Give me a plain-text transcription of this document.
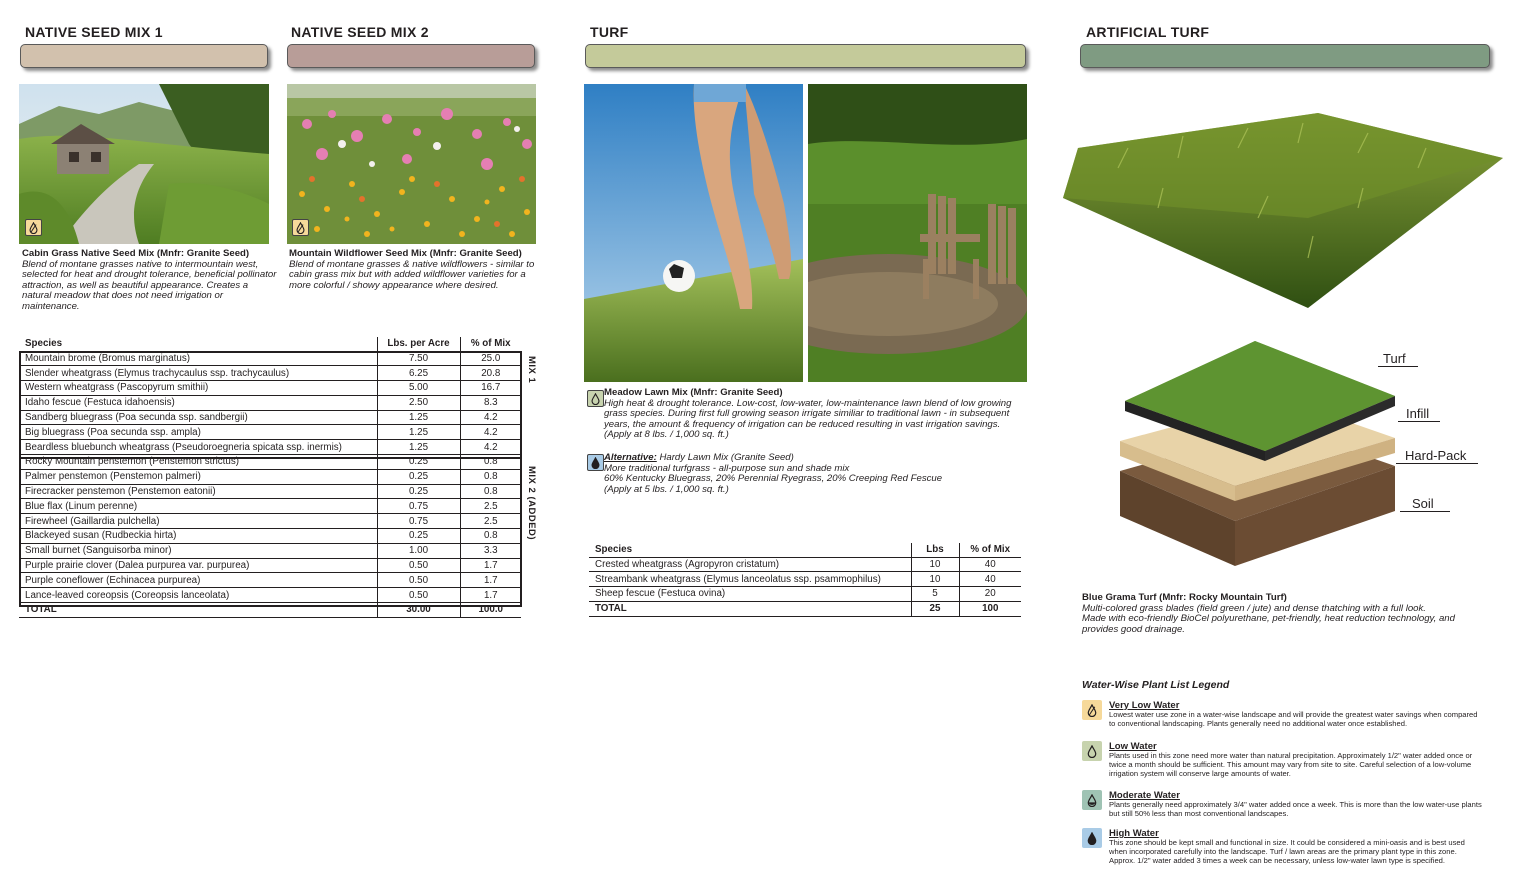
NATIVE SEED MIX 1	NATIVE SEED MIX 2	TURF	ARTIFICIAL TURF
Turf
Infill
Hard-Pack
Soil
Cabin Grass Native Seed Mix (Mnfr: Granite Seed)
Blend of montane grasses native to intermountain west, selected for heat and drought tolerance, beneficial pollinator attraction, as well as beautiful appearance. Creates a natural meadow that does not need irrigation or maintenance.
Mountain Wildflower Seed Mix (Mnfr: Granite Seed)
Blend of montane grasses & native wildflowers - similar to cabin grass mix but with added wildflower varieties for a more colorful / showy appearance where desired.
Meadow Lawn Mix (Mnfr: Granite Seed)
High heat & drought tolerance. Low-cost, low-water, low-maintenance lawn blend of low growing grass species. During first full growing season irrigate similiar to traditional lawn - in subsequent years, the amount & frequency of irrigation can be reduced resulting in vast irrigation savings.
(Apply at 8 lbs. / 1,000 sq. ft.)
Alternative: Hardy Lawn Mix (Granite Seed)
More traditional turfgrass - all-purpose sun and shade mix
60% Kentucky Bluegrass, 20% Perennial Ryegrass, 20% Creeping Red Fescue
(Apply at 5 lbs. / 1,000 sq. ft.)
Blue Grama Turf (Mnfr: Rocky Mountain Turf)
Multi-colored grass blades (field green / jute) and dense thatching with a full look.
Made with eco-friendly BioCel polyurethane, pet-friendly, heat reduction technology, and provides good drainage.
Species	Lbs. per Acre	% of Mix
Mountain brome (Bromus marginatus)	7.50	25.0
Slender wheatgrass (Elymus trachycaulus ssp. trachycaulus)	6.25	20.8
Western wheatgrass (Pascopyrum smithii)	5.00	16.7
Idaho fescue (Festuca idahoensis)	2.50	8.3
Sandberg bluegrass (Poa secunda ssp. sandbergii)	1.25	4.2
Big bluegrass (Poa secunda ssp. ampla)	1.25	4.2
Beardless bluebunch wheatgrass (Pseudoroegneria spicata ssp. inermis)	1.25	4.2
Rocky Mountain penstemon (Penstemon strictus)	0.25	0.8
Palmer penstemon (Penstemon palmeri)	0.25	0.8
Firecracker penstemon (Penstemon eatonii)	0.25	0.8
Blue flax (Linum perenne)	0.75	2.5
Firewheel (Gaillardia pulchella)	0.75	2.5
Blackeyed susan (Rudbeckia hirta)	0.25	0.8
Small burnet (Sanguisorba minor)	1.00	3.3
Purple prairie clover (Dalea purpurea var. purpurea)	0.50	1.7
Purple coneflower (Echinacea purpurea)	0.50	1.7
Lance-leaved coreopsis (Coreopsis lanceolata)	0.50	1.7
TOTAL	30.00	100.0
MIX 1
MIX 2 (ADDED)
Species	Lbs	% of Mix
Crested wheatgrass (Agropyron cristatum)	10	40
Streambank wheatgrass (Elymus lanceolatus ssp. psammophilus)	10	40
Sheep fescue (Festuca ovina)	5	20
TOTAL	25	100
Water-Wise Plant List Legend
Very Low Water
Lowest water use zone in a water-wise landscape and will provide the greatest water savings when compared to conventional landscaping. Plants generally need no additional water once established.
Low Water
Plants used in this zone need more water than natural precipitation. Approximately 1/2" water added once or twice a month should be sufficient. This amount may vary from site to site. Careful selection of a low-volume irrigation system will conserve large amounts of water.
Moderate Water
Plants generally need approximately 3/4" water added once a week. This is more than the low water-use plants but still 50% less than most conventional landscapes.
High Water
This zone should be kept small and functional in size. It could be considered a mini-oasis and is best used when incorporated carefully into the landscape. Turf / lawn areas are the primary plant type in this zone. Approx. 1/2" water added 3 times a week can be necessary, unless low-water lawn type is specified.
